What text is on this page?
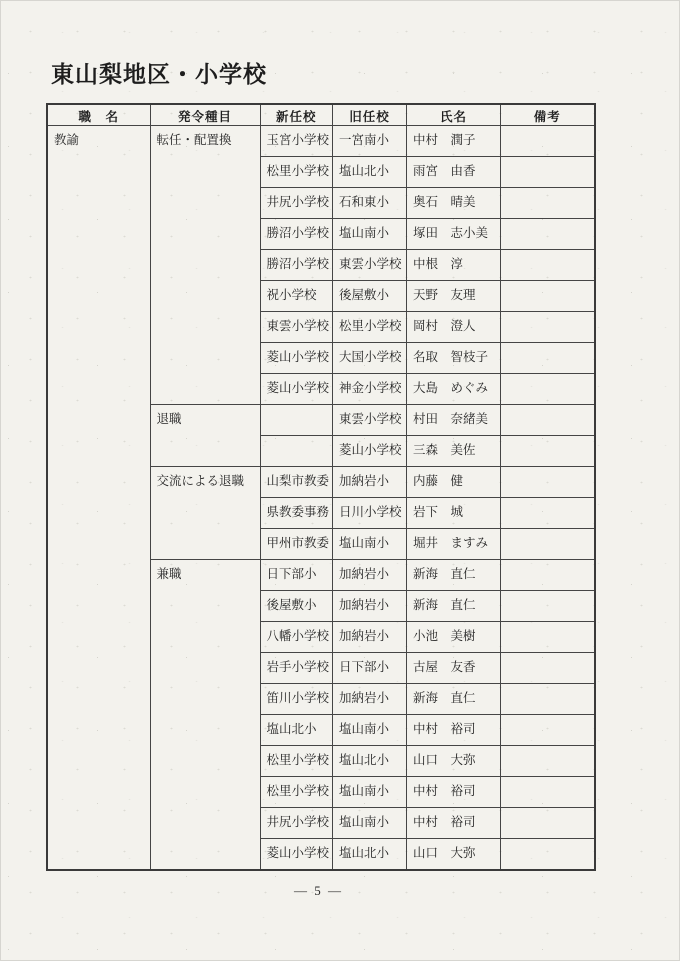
東山梨地区・小学校
職　名	発令種目	新任校	旧任校	氏名	備考
教諭	転任・配置換	玉宮小学校	一宮南小	中村　潤子	
		松里小学校	塩山北小	雨宮　由香	
		井尻小学校	石和東小	奥石　晴美	
		勝沼小学校	塩山南小	塚田　志小美	
		勝沼小学校	東雲小学校	中根　淳	
		祝小学校	後屋敷小	天野　友理	
		東雲小学校	松里小学校	岡村　澄人	
		菱山小学校	大国小学校	名取　智枝子	
		菱山小学校	神金小学校	大島　めぐみ	
	退職		東雲小学校	村田　奈緒美	
			菱山小学校	三森　美佐	
	交流による退職	山梨市教委	加納岩小	内藤　健	
		県教委事務	日川小学校	岩下　城	
		甲州市教委	塩山南小	堀井　ますみ	
	兼職	日下部小	加納岩小	新海　直仁	
		後屋敷小	加納岩小	新海　直仁	
		八幡小学校	加納岩小	小池　美樹	
		岩手小学校	日下部小	古屋　友香	
		笛川小学校	加納岩小	新海　直仁	
		塩山北小	塩山南小	中村　裕司	
		松里小学校	塩山北小	山口　大弥	
		松里小学校	塩山南小	中村　裕司	
		井尻小学校	塩山南小	中村　裕司	
		菱山小学校	塩山北小	山口　大弥	
— 5 —
